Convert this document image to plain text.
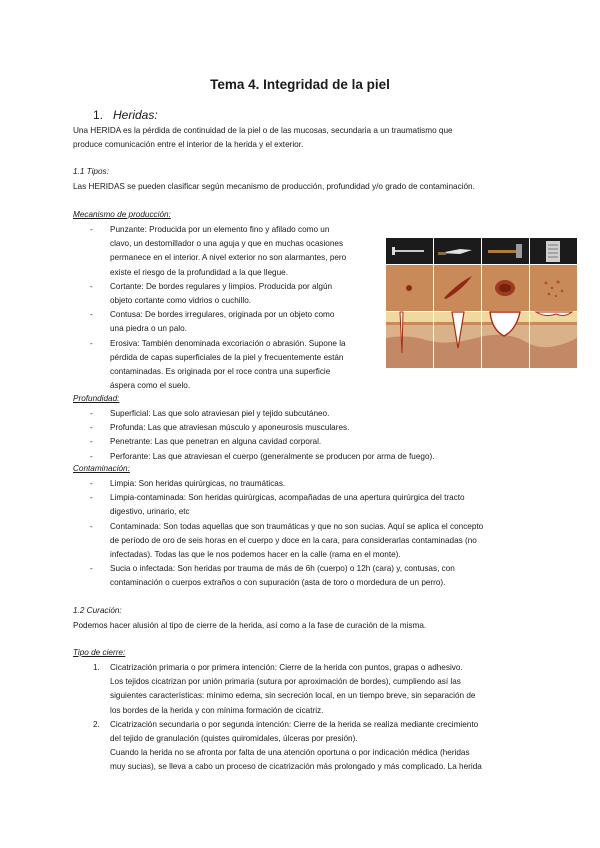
Tema 4. Integridad de la piel
1. Heridas:
Una HERIDA es la pérdida de continuidad de la piel o de las mucosas, secundaria a un traumatismo que
produce comunicación entre el interior de la herida y el exterior.
1.1 Tipos:
Las HERIDAS se pueden clasificar según mecanismo de producción, profundidad y/o grado de contaminación.
Mecanismo de producción:
- Punzante: Producida por un elemento fino y afilado como un
clavo, un destornillador o una aguja y que en muchas ocasiones
permanece en el interior. A nivel exterior no son alarmantes, pero
existe el riesgo de la profundidad a la que llegue.
- Cortante: De bordes regulares y limpios. Producida por algún
objeto cortante como vidrios o cuchillo.
- Contusa: De bordes irregulares, originada por un objeto como
una piedra o un palo.
- Erosiva: También denominada excoriación o abrasión. Supone la
pérdida de capas superficiales de la piel y frecuentemente están
contaminadas. Es originada por el roce contra una superficie
áspera como el suelo.
Profundidad:
- Superficial: Las que solo atraviesan piel y tejido subcutáneo.
- Profunda: Las que atraviesan músculo y aponeurosis musculares.
- Penetrante: Las que penetran en alguna cavidad corporal.
- Perforante: Las que atraviesan el cuerpo (generalmente se producen por arma de fuego).
Contaminación:
- Limpia: Son heridas quirúrgicas, no traumáticas.
- Limpia-contaminada: Son heridas quirúrgicas, acompañadas de una apertura quirúrgica del tracto
digestivo, urinario, etc
- Contaminada: Son todas aquellas que son traumáticas y que no son sucias. Aquí se aplica el concepto
de período de oro de seis horas en el cuerpo y doce en la cara, para considerarlas contaminadas (no
infectadas). Todas las que le nos podemos hacer en la calle (rama en el monte).
- Sucia o infectada: Son heridas por trauma de más de 6h (cuerpo) o 12h (cara) y, contusas, con
contaminación o cuerpos extraños o con supuración (asta de toro o mordedura de un perro).
1.2 Curación:
Podemos hacer alusión al tipo de cierre de la herida, así como a la fase de curación de la misma.
Tipo de cierre:
1. Cicatrización primaria o por primera intención: Cierre de la herida con puntos, grapas o adhesivo.
Los tejidos cicatrizan por unión primaria (sutura por aproximación de bordes), cumpliendo así las
siguientes características: mínimo edema, sin secreción local, en un tiempo breve, sin separación de
los bordes de la herida y con mínima formación de cicatriz.
2. Cicatrización secundaria o por segunda intención: Cierre de la herida se realiza mediante crecimiento
del tejido de granulación (quistes quiromidales, úlceras por presión).
Cuando la herida no se afronta por falta de una atención oportuna o por indicación médica (heridas
muy sucias), se lleva a cabo un proceso de cicatrización más prolongado y más complicado. La herida
